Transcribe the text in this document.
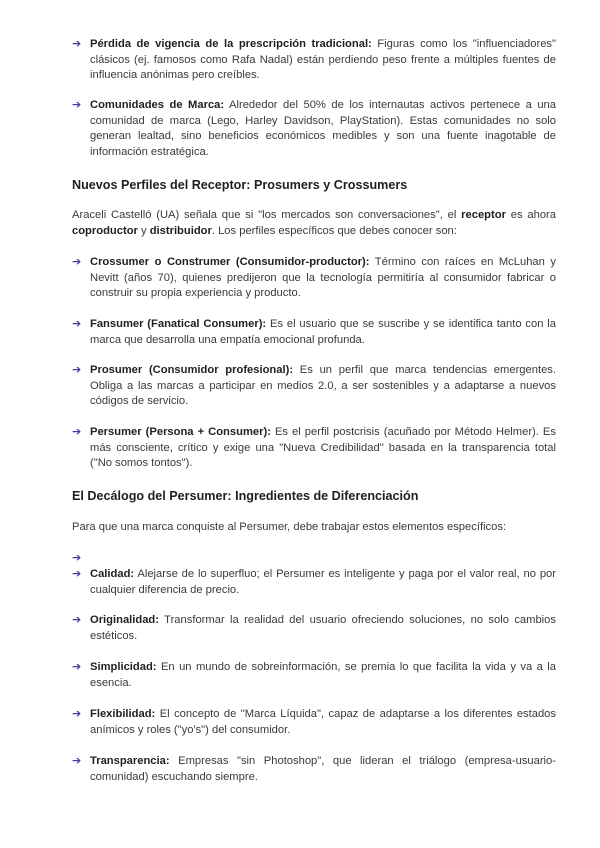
➔ Pérdida de vigencia de la prescripción tradicional: Figuras como los "influenciadores" clásicos (ej. famosos como Rafa Nadal) están perdiendo peso frente a múltiples fuentes de influencia anónimas pero creíbles.
➔ Comunidades de Marca: Alrededor del 50% de los internautas activos pertenece a una comunidad de marca (Lego, Harley Davidson, PlayStation). Estas comunidades no solo generan lealtad, sino beneficios económicos medibles y son una fuente inagotable de información estratégica.
Nuevos Perfiles del Receptor: Prosumers y Crossumers
Araceli Castelló (UA) señala que si "los mercados son conversaciones", el receptor es ahora coproductor y distribuidor. Los perfiles específicos que debes conocer son:
➔ Crossumer o Construmer (Consumidor-productor): Término con raíces en McLuhan y Nevitt (años 70), quienes predijeron que la tecnología permitiría al consumidor fabricar o construir su propia experiencia y producto.
➔ Fansumer (Fanatical Consumer): Es el usuario que se suscribe y se identifica tanto con la marca que desarrolla una empatía emocional profunda.
➔ Prosumer (Consumidor profesional): Es un perfil que marca tendencias emergentes. Obliga a las marcas a participar en medios 2.0, a ser sostenibles y a adaptarse a nuevos códigos de servicio.
➔ Persumer (Persona + Consumer): Es el perfil postcrisis (acuñado por Método Helmer). Es más consciente, crítico y exige una "Nueva Credibilidad" basada en la transparencia total ("No somos tontos").
El Decálogo del Persumer: Ingredientes de Diferenciación
Para que una marca conquiste al Persumer, debe trabajar estos elementos específicos:
➔
➔ Calidad: Alejarse de lo superfluo; el Persumer es inteligente y paga por el valor real, no por cualquier diferencia de precio.
➔ Originalidad: Transformar la realidad del usuario ofreciendo soluciones, no solo cambios estéticos.
➔ Simplicidad: En un mundo de sobreinformación, se premia lo que facilita la vida y va a la esencia.
➔ Flexibilidad: El concepto de "Marca Líquida", capaz de adaptarse a los diferentes estados anímicos y roles ("yo's") del consumidor.
➔ Transparencia: Empresas "sin Photoshop", que lideran el triálogo (empresa-usuario-comunidad) escuchando siempre.
